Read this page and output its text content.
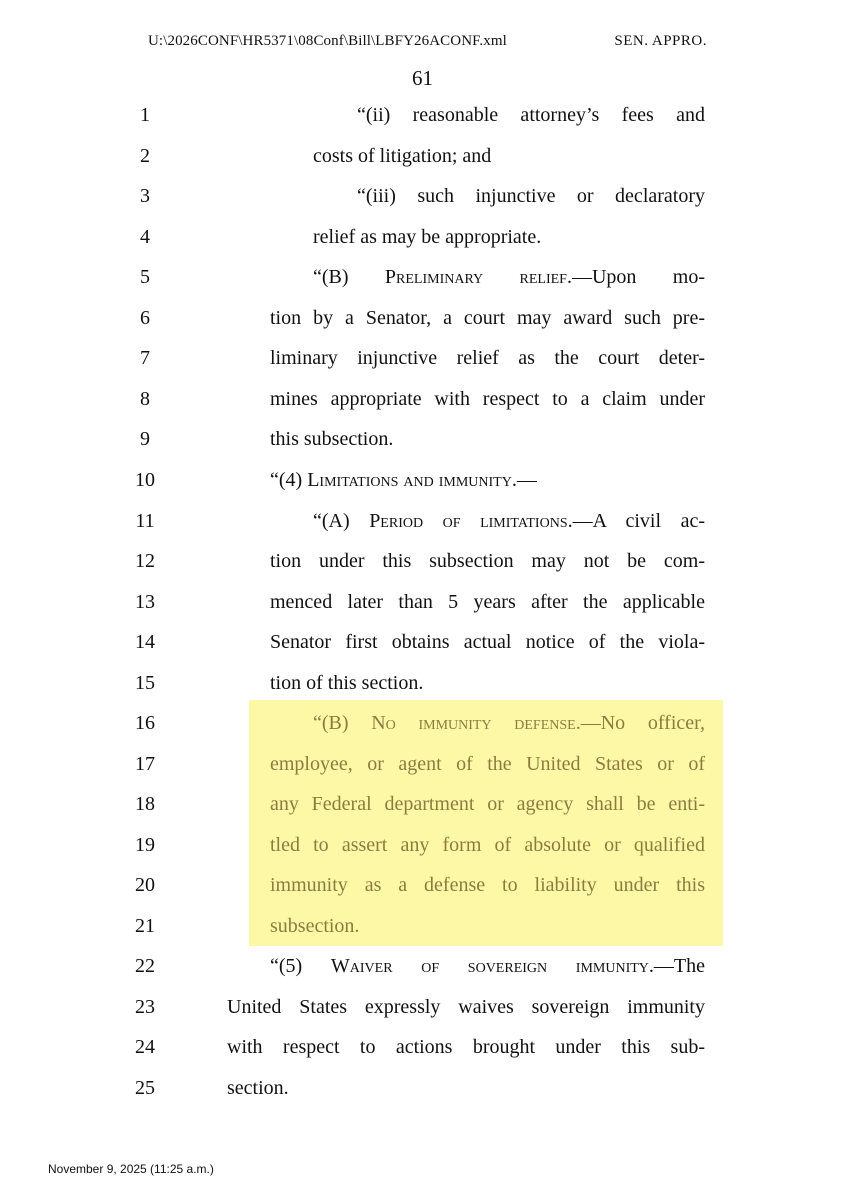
U:\2026CONF\HR5371\08Conf\Bill\LBFY26ACONF.xml	SEN. APPRO.
61
1	“(ii) reasonable attorney’s fees and
2	costs of litigation; and
3	“(iii) such injunctive or declaratory
4	relief as may be appropriate.
5	“(B) Preliminary relief.—Upon mo-
6	tion by a Senator, a court may award such pre-
7	liminary injunctive relief as the court deter-
8	mines appropriate with respect to a claim under
9	this subsection.
10	“(4) Limitations and immunity.—
11	“(A) Period of limitations.—A civil ac-
12	tion under this subsection may not be com-
13	menced later than 5 years after the applicable
14	Senator first obtains actual notice of the viola-
15	tion of this section.
16	“(B) No immunity defense.—No officer,
17	employee, or agent of the United States or of
18	any Federal department or agency shall be enti-
19	tled to assert any form of absolute or qualified
20	immunity as a defense to liability under this
21	subsection.
22	“(5) Waiver of sovereign immunity.—The
23	United States expressly waives sovereign immunity
24	with respect to actions brought under this sub-
25	section.
November 9, 2025 (11:25 a.m.)
